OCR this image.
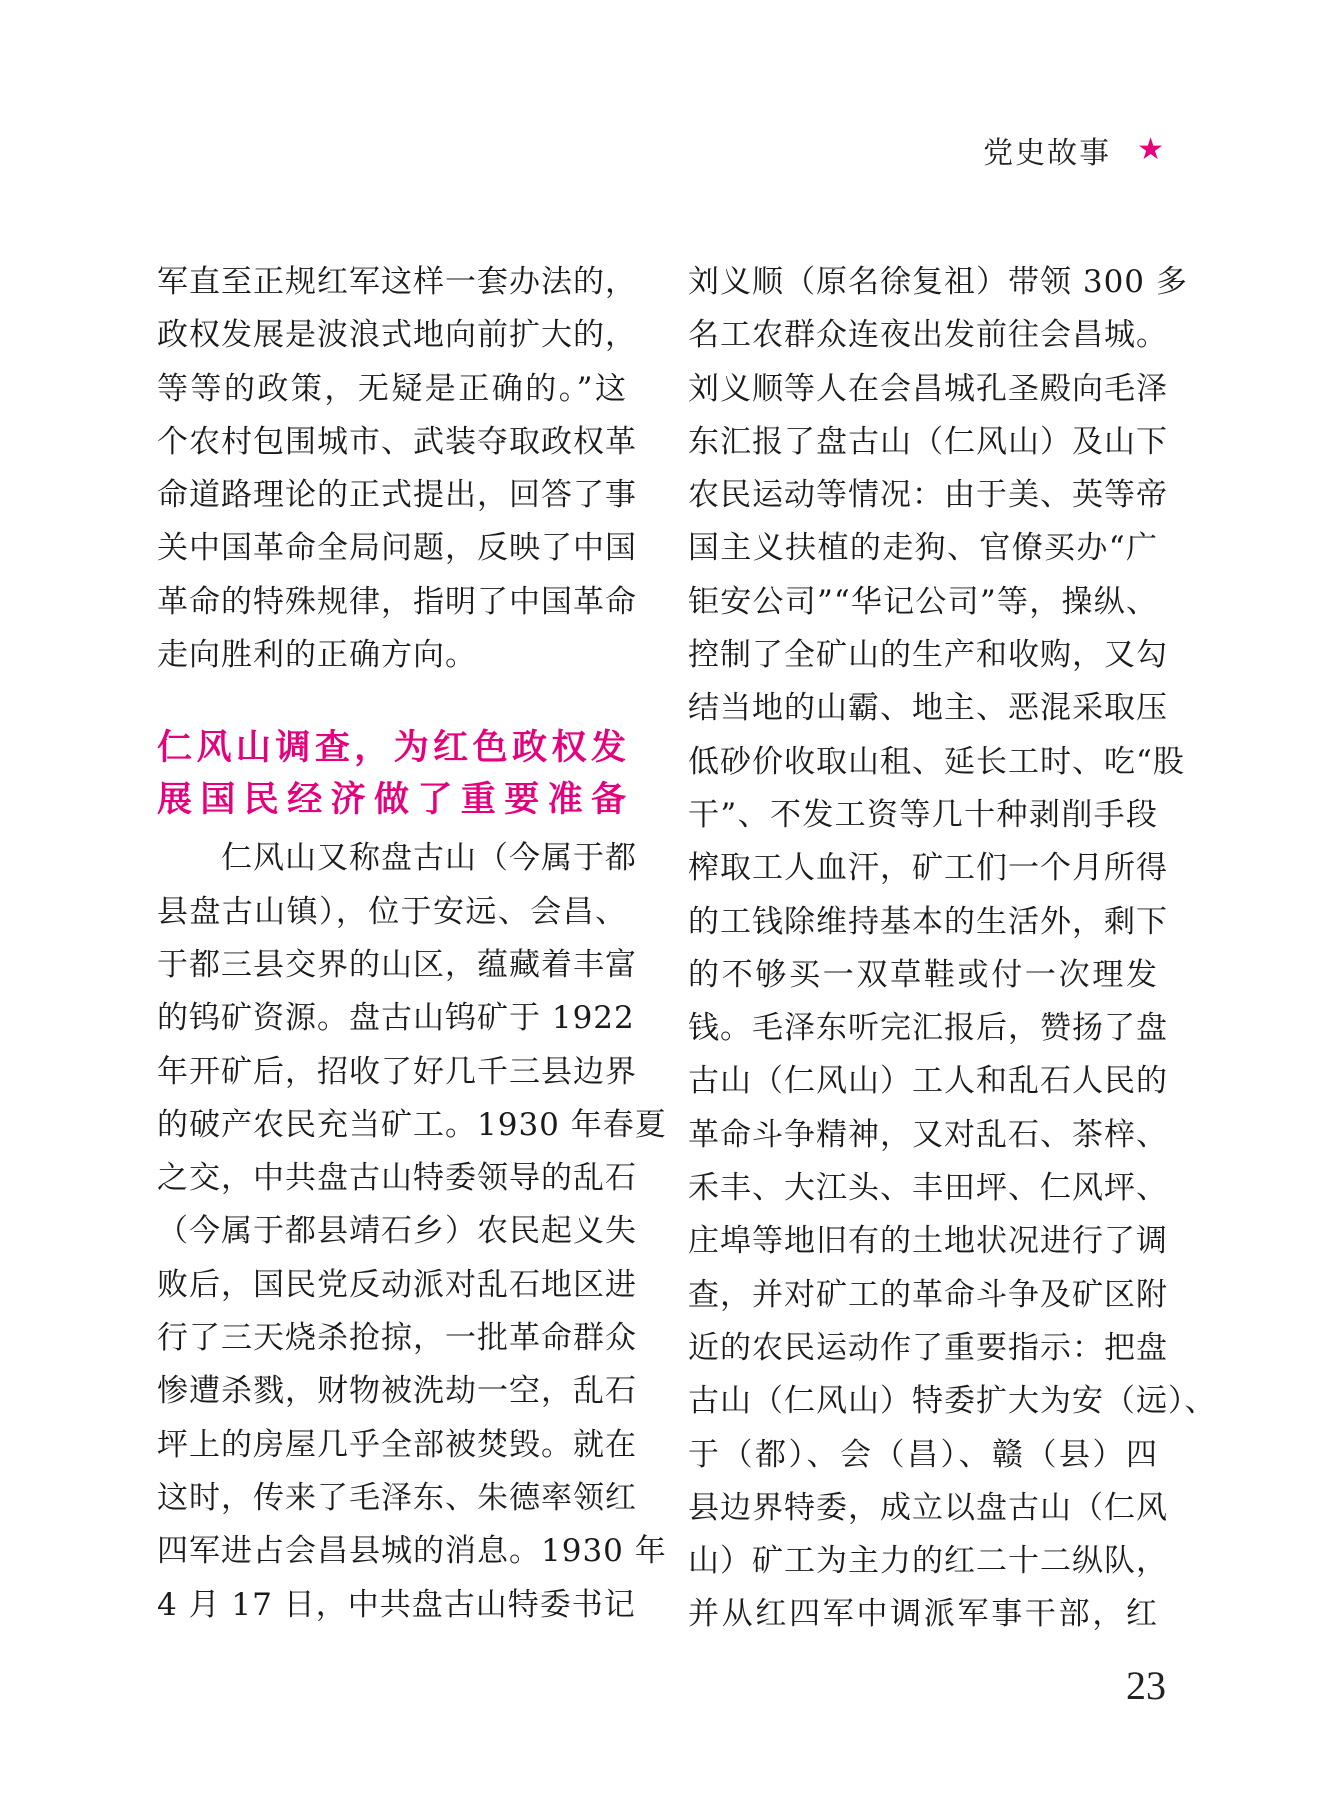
党史故事 ★
军直至正规红军这样一套办法的，
政权发展是波浪式地向前扩大的，
等等的政策，无疑是正确的。”这
个农村包围城市、武装夺取政权革
命道路理论的正式提出，回答了事
关中国革命全局问题，反映了中国
革命的特殊规律，指明了中国革命
走向胜利的正确方向。
仁风山调查，为红色政权发
展国民经济做了重要准备
　　仁风山又称盘古山（今属于都
县盘古山镇），位于安远、会昌、
于都三县交界的山区，蕴藏着丰富
的钨矿资源。盘古山钨矿于 1922
年开矿后，招收了好几千三县边界
的破产农民充当矿工。1930 年春夏
之交，中共盘古山特委领导的乱石
（今属于都县靖石乡）农民起义失
败后，国民党反动派对乱石地区进
行了三天烧杀抢掠，一批革命群众
惨遭杀戮，财物被洗劫一空，乱石
坪上的房屋几乎全部被焚毁。就在
这时，传来了毛泽东、朱德率领红
四军进占会昌县城的消息。1930 年
4 月 17 日，中共盘古山特委书记
刘义顺（原名徐复祖）带领 300 多
名工农群众连夜出发前往会昌城。
刘义顺等人在会昌城孔圣殿向毛泽
东汇报了盘古山（仁风山）及山下
农民运动等情况：由于美、英等帝
国主义扶植的走狗、官僚买办“广
钜安公司”“华记公司”等，操纵、
控制了全矿山的生产和收购，又勾
结当地的山霸、地主、恶混采取压
低砂价收取山租、延长工时、吃“股
干”、不发工资等几十种剥削手段
榨取工人血汗，矿工们一个月所得
的工钱除维持基本的生活外，剩下
的不够买一双草鞋或付一次理发
钱。毛泽东听完汇报后，赞扬了盘
古山（仁风山）工人和乱石人民的
革命斗争精神，又对乱石、茶梓、
禾丰、大江头、丰田坪、仁风坪、
庄埠等地旧有的土地状况进行了调
查，并对矿工的革命斗争及矿区附
近的农民运动作了重要指示：把盘
古山（仁风山）特委扩大为安（远）、
于（都）、会（昌）、赣（县）四
县边界特委，成立以盘古山（仁风
山）矿工为主力的红二十二纵队，
并从红四军中调派军事干部，红
23
